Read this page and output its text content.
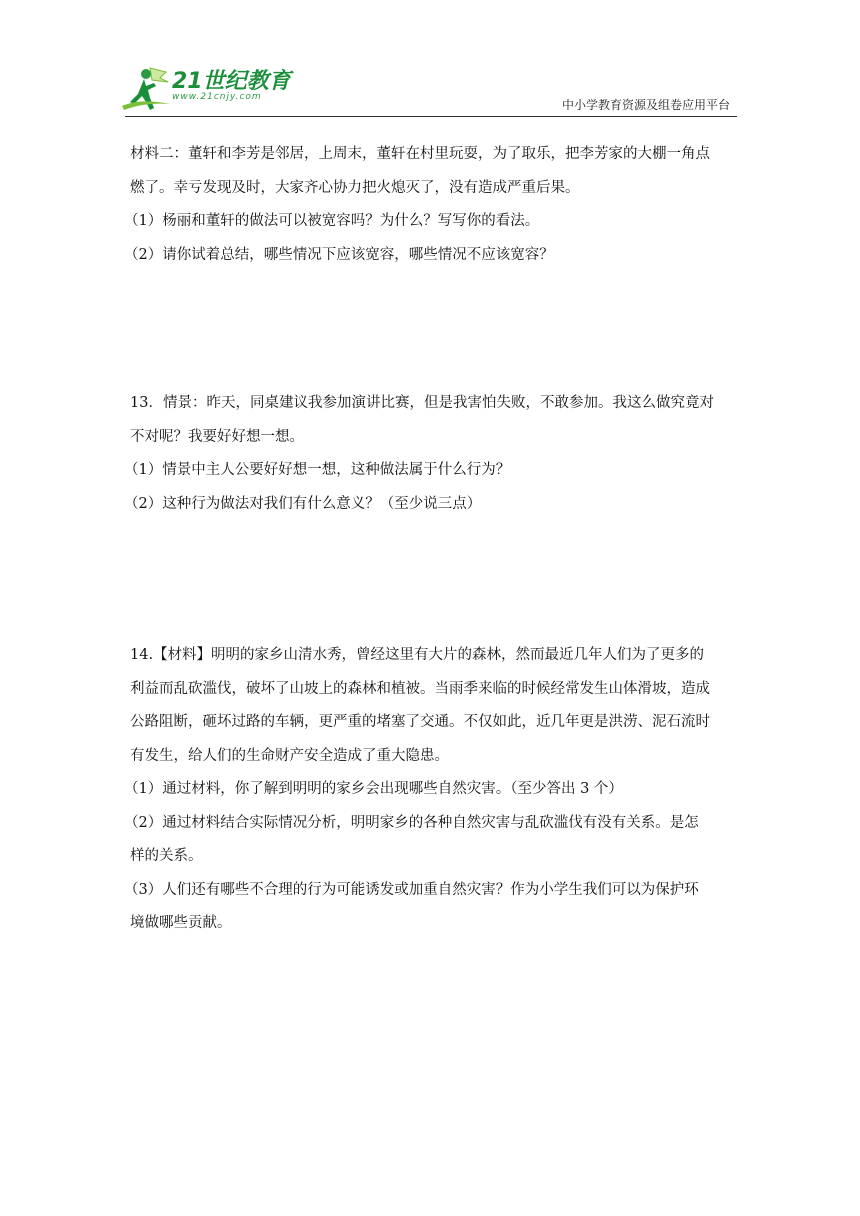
21世纪教育
www.21cnjy.com
中小学教育资源及组卷应用平台

材料二：董轩和李芳是邻居，上周末，董轩在村里玩耍，为了取乐，把李芳家的大棚一角点

燃了。幸亏发现及时，大家齐心协力把火熄灭了，没有造成严重后果。

（1）杨丽和董轩的做法可以被宽容吗？为什么？写写你的看法。

（2）请你试着总结，哪些情况下应该宽容，哪些情况不应该宽容？

13．情景：昨天，同桌建议我参加演讲比赛，但是我害怕失败，不敢参加。我这么做究竟对

不对呢？我要好好想一想。

（1）情景中主人公要好好想一想，这种做法属于什么行为？

（2）这种行为做法对我们有什么意义？（至少说三点）

14.【材料】明明的家乡山清水秀，曾经这里有大片的森林，然而最近几年人们为了更多的

利益而乱砍滥伐，破坏了山坡上的森林和植被。当雨季来临的时候经常发生山体滑坡，造成

公路阻断，砸坏过路的车辆，更严重的堵塞了交通。不仅如此，近几年更是洪涝、泥石流时

有发生，给人们的生命财产安全造成了重大隐患。

（1）通过材料，你了解到明明的家乡会出现哪些自然灾害。（至少答出 3 个）

（2）通过材料结合实际情况分析，明明家乡的各种自然灾害与乱砍滥伐有没有关系。是怎

样的关系。

（3）人们还有哪些不合理的行为可能诱发或加重自然灾害？作为小学生我们可以为保护环

境做哪些贡献。
